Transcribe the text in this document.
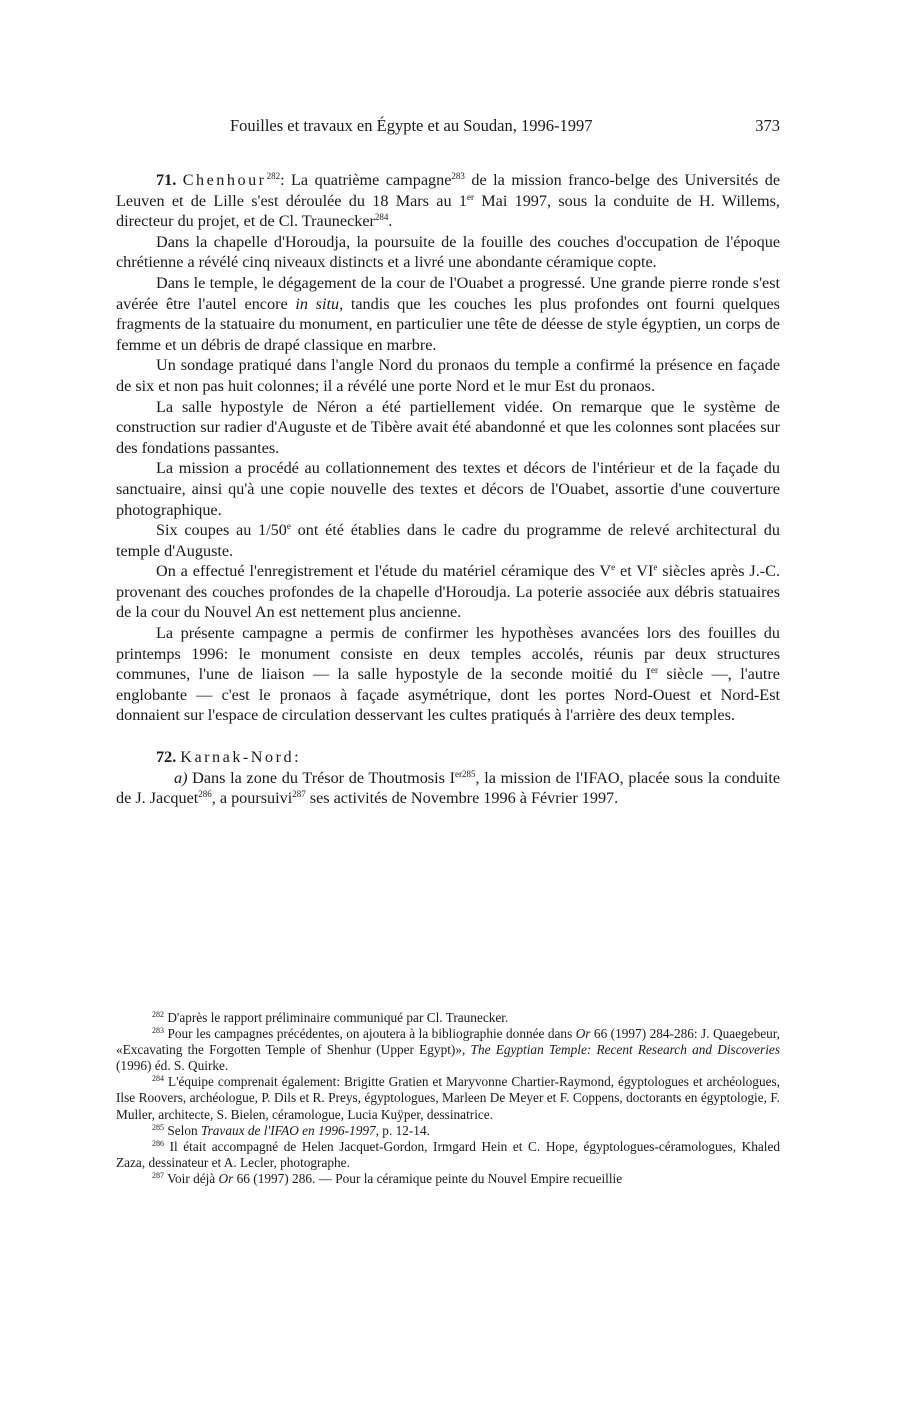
Fouilles et travaux en Égypte et au Soudan, 1996-1997	373

71. Chenhour$^{282}$: La quatrième campagne$^{283}$ de la mission franco-belge des Universités de Leuven et de Lille s'est déroulée du 18 Mars au 1er Mai 1997, sous la conduite de H. Willems, directeur du projet, et de Cl. Traunecker$^{284}$.

Dans la chapelle d'Horoudja, la poursuite de la fouille des couches d'occupation de l'époque chrétienne a révélé cinq niveaux distincts et a livré une abondante céramique copte.

Dans le temple, le dégagement de la cour de l'Ouabet a progressé. Une grande pierre ronde s'est avérée être l'autel encore in situ, tandis que les couches les plus profondes ont fourni quelques fragments de la statuaire du monument, en particulier une tête de déesse de style égyptien, un corps de femme et un débris de drapé classique en marbre.

Un sondage pratiqué dans l'angle Nord du pronaos du temple a confirmé la présence en façade de six et non pas huit colonnes; il a révélé une porte Nord et le mur Est du pronaos.

La salle hypostyle de Néron a été partiellement vidée. On remarque que le système de construction sur radier d'Auguste et de Tibère avait été abandonné et que les colonnes sont placées sur des fondations passantes.

La mission a procédé au collationnement des textes et décors de l'intérieur et de la façade du sanctuaire, ainsi qu'à une copie nouvelle des textes et décors de l'Ouabet, assortie d'une couverture photographique.

Six coupes au 1/50e ont été établies dans le cadre du programme de relevé architectural du temple d'Auguste.

On a effectué l'enregistrement et l'étude du matériel céramique des Ve et VIe siècles après J.-C. provenant des couches profondes de la chapelle d'Horoudja. La poterie associée aux débris statuaires de la cour du Nouvel An est nettement plus ancienne.

La présente campagne a permis de confirmer les hypothèses avancées lors des fouilles du printemps 1996: le monument consiste en deux temples accolés, réunis par deux structures communes, l'une de liaison — la salle hypostyle de la seconde moitié du Ier siècle —, l'autre englobante — c'est le pronaos à façade asymétrique, dont les portes Nord-Ouest et Nord-Est donnaient sur l'espace de circulation desservant les cultes pratiqués à l'arrière des deux temples.

72. Karnak-Nord:

a) Dans la zone du Trésor de Thoutmosis $I^{er285}$, la mission de l'IFAO, placée sous la conduite de J. Jacquet$^{286}$, a poursuivi$^{287}$ ses activités de Novembre 1996 à Février 1997.

$^{282}$ D'après le rapport préliminaire communiqué par Cl. Traunecker.

$^{283}$ Pour les campagnes précédentes, on ajoutera à la bibliographie donnée dans Or 66 (1997) 284-286: J. Quaegebeur, «Excavating the Forgotten Temple of Shenhur (Upper Egypt)», The Egyptian Temple: Recent Research and Discoveries (1996) éd. S. Quirke.

$^{284}$ L'équipe comprenait également: Brigitte Gratien et Maryvonne Chartier-Raymond, égyptologues et archéologues, Ilse Roovers, archéologue, P. Dils et R. Preys, égyptologues, Marleen De Meyer et F. Coppens, doctorants en égyptologie, F. Muller, architecte, S. Bielen, céramologue, Lucia Kuÿper, dessinatrice.

$^{285}$ Selon Travaux de l'IFAO en 1996-1997, p. 12-14.

$^{286}$ Il était accompagné de Helen Jacquet-Gordon, Irmgard Hein et C. Hope, égyptologues-céramologues, Khaled Zaza, dessinateur et A. Lecler, photographe.

$^{287}$ Voir déjà Or 66 (1997) 286. — Pour la céramique peinte du Nouvel Empire recueillie
